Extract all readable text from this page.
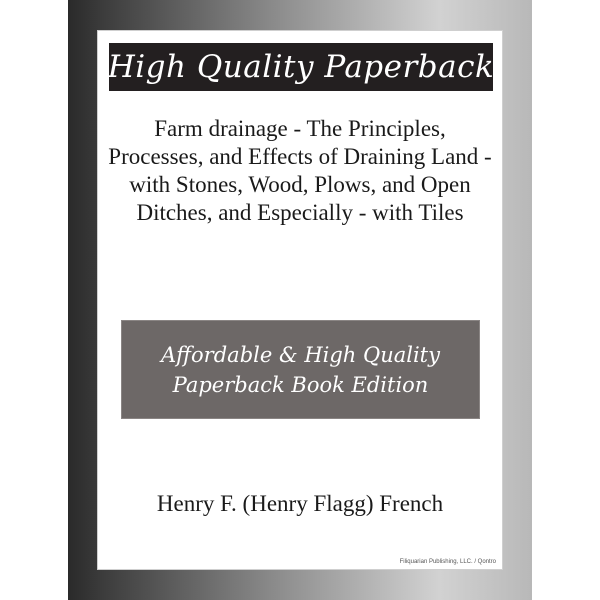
High Quality Paperback
Farm drainage - The Principles, Processes, and Effects of Draining Land - with Stones, Wood, Plows, and Open Ditches, and Especially - with Tiles
Affordable & High Quality
Paperback Book Edition
Henry F. (Henry Flagg) French
Filiquarian Publishing, LLC. / Qontro
